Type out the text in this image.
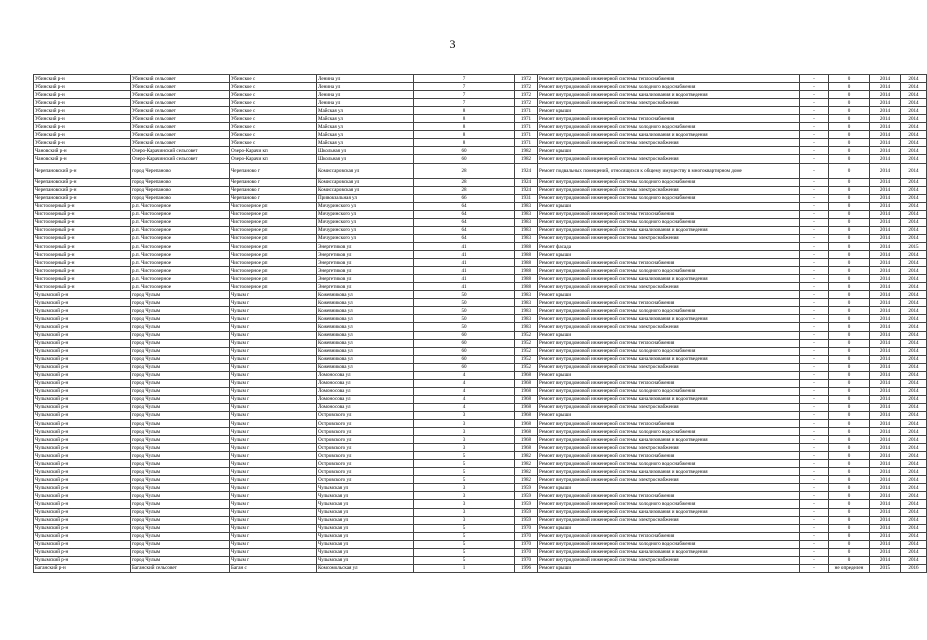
3
Убинский р-н	Убинский сельсовет	Убинское с	Ленина ул	7	1972	Ремонт внутридомовой инженерной системы теплоснабжения	-	0	2014	2014
Убинский р-н	Убинский сельсовет	Убинское с	Ленина ул	7	1972	Ремонт внутридомовой инженерной системы холодного водоснабжения	-	0	2014	2014
Убинский р-н	Убинский сельсовет	Убинское с	Ленина ул	7	1972	Ремонт внутридомовой инженерной системы канализования и водоотведения	-	0	2014	2014
Убинский р-н	Убинский сельсовет	Убинское с	Ленина ул	7	1972	Ремонт внутридомовой инженерной системы электроснабжения	-	0	2014	2014
Убинский р-н	Убинский сельсовет	Убинское с	Майская ул	8	1971	Ремонт крыши	-	0	2014	2014
Убинский р-н	Убинский сельсовет	Убинское с	Майская ул	8	1971	Ремонт внутридомовой инженерной системы теплоснабжения	-	0	2014	2014
Убинский р-н	Убинский сельсовет	Убинское с	Майская ул	8	1971	Ремонт внутридомовой инженерной системы холодного водоснабжения	-	0	2014	2014
Убинский р-н	Убинский сельсовет	Убинское с	Майская ул	8	1971	Ремонт внутридомовой инженерной системы канализования и водоотведения	-	0	2014	2014
Убинский р-н	Убинский сельсовет	Убинское с	Майская ул	8	1971	Ремонт внутридомовой инженерной системы электроснабжения	-	0	2014	2014
Чановский р-н	Озеро-Карачинский сельсовет	Озеро-Карачи кп	Школьная ул	60	1982	Ремонт крыши	-	0	2014	2014
Чановский р-н	Озеро-Карачинский сельсовет	Озеро-Карачи кп	Школьная ул	60	1982	Ремонт внутридомовой инженерной системы электроснабжения	-	0	2014	2014
Черепановский р-н	город Черепаново	Черепаново г	Комиссаровская ул	28	1924	Ремонт подвальных помещений, относящихся к общему имуществу в многоквартирном доме	-	0	2014	2014
Черепановский р-н	город Черепаново	Черепаново г	Комиссаровская ул	28	1924	Ремонт внутридомовой инженерной системы холодного водоснабжения	-	0	2014	2014
Черепановский р-н	город Черепаново	Черепаново г	Комиссаровская ул	28	1924	Ремонт внутридомовой инженерной системы электроснабжения	-	0	2014	2014
Черепановский р-н	город Черепаново	Черепаново г	Привокзальная ул	66	1931	Ремонт внутридомовой инженерной системы холодного водоснабжения	-	0	2014	2014
Чистоозерный р-н	р.п. Чистоозерное	Чистоозерное рп	Мичуринского ул	64	1983	Ремонт крыши	-	0	2014	2014
Чистоозерный р-н	р.п. Чистоозерное	Чистоозерное рп	Мичуринского ул	64	1983	Ремонт внутридомовой инженерной системы теплоснабжения	-	0	2014	2014
Чистоозерный р-н	р.п. Чистоозерное	Чистоозерное рп	Мичуринского ул	64	1983	Ремонт внутридомовой инженерной системы холодного водоснабжения	-	0	2014	2014
Чистоозерный р-н	р.п. Чистоозерное	Чистоозерное рп	Мичуринского ул	64	1983	Ремонт внутридомовой инженерной системы канализования и водоотведения	-	0	2014	2014
Чистоозерный р-н	р.п. Чистоозерное	Чистоозерное рп	Мичуринского ул	64	1983	Ремонт внутридомовой инженерной системы электроснабжения	-	0	2014	2014
Чистоозерный р-н	р.п. Чистоозерное	Чистоозерное рп	Энергетиков ул	41	1988	Ремонт фасада	-	0	2014	2015
Чистоозерный р-н	р.п. Чистоозерное	Чистоозерное рп	Энергетиков ул	41	1988	Ремонт крыши	-	0	2014	2014
Чистоозерный р-н	р.п. Чистоозерное	Чистоозерное рп	Энергетиков ул	41	1988	Ремонт внутридомовой инженерной системы теплоснабжения	-	0	2014	2014
Чистоозерный р-н	р.п. Чистоозерное	Чистоозерное рп	Энергетиков ул	41	1988	Ремонт внутридомовой инженерной системы холодного водоснабжения	-	0	2014	2014
Чистоозерный р-н	р.п. Чистоозерное	Чистоозерное рп	Энергетиков ул	41	1988	Ремонт внутридомовой инженерной системы канализования и водоотведения	-	0	2014	2014
Чистоозерный р-н	р.п. Чистоозерное	Чистоозерное рп	Энергетиков ул	41	1988	Ремонт внутридомовой инженерной системы электроснабжения	-	0	2014	2014
Чулымский р-н	город Чулым	Чулым г	Кожевникова ул	50	1983	Ремонт крыши	-	0	2014	2014
Чулымский р-н	город Чулым	Чулым г	Кожевникова ул	50	1983	Ремонт внутридомовой инженерной системы теплоснабжения	-	0	2014	2014
Чулымский р-н	город Чулым	Чулым г	Кожевникова ул	50	1983	Ремонт внутридомовой инженерной системы холодного водоснабжения	-	0	2014	2014
Чулымский р-н	город Чулым	Чулым г	Кожевникова ул	50	1983	Ремонт внутридомовой инженерной системы канализования и водоотведения	-	0	2014	2014
Чулымский р-н	город Чулым	Чулым г	Кожевникова ул	50	1983	Ремонт внутридомовой инженерной системы электроснабжения	-	0	2014	2014
Чулымский р-н	город Чулым	Чулым г	Кожевникова ул	60	1952	Ремонт крыши	-	0	2014	2014
Чулымский р-н	город Чулым	Чулым г	Кожевникова ул	60	1952	Ремонт внутридомовой инженерной системы теплоснабжения	-	0	2014	2014
Чулымский р-н	город Чулым	Чулым г	Кожевникова ул	60	1952	Ремонт внутридомовой инженерной системы холодного водоснабжения	-	0	2014	2014
Чулымский р-н	город Чулым	Чулым г	Кожевникова ул	60	1952	Ремонт внутридомовой инженерной системы канализования и водоотведения	-	0	2014	2014
Чулымский р-н	город Чулым	Чулым г	Кожевникова ул	60	1952	Ремонт внутридомовой инженерной системы электроснабжения	-	0	2014	2014
Чулымский р-н	город Чулым	Чулым г	Ломоносова ул	4	1968	Ремонт крыши	-	0	2014	2014
Чулымский р-н	город Чулым	Чулым г	Ломоносова ул	4	1968	Ремонт внутридомовой инженерной системы теплоснабжения	-	0	2014	2014
Чулымский р-н	город Чулым	Чулым г	Ломоносова ул	4	1968	Ремонт внутридомовой инженерной системы холодного водоснабжения	-	0	2014	2014
Чулымский р-н	город Чулым	Чулым г	Ломоносова ул	4	1968	Ремонт внутридомовой инженерной системы канализования и водоотведения	-	0	2014	2014
Чулымский р-н	город Чулым	Чулым г	Ломоносова ул	4	1968	Ремонт внутридомовой инженерной системы электроснабжения	-	0	2014	2014
Чулымский р-н	город Чулым	Чулым г	Островского ул	3	1968	Ремонт крыши	-	0	2014	2014
Чулымский р-н	город Чулым	Чулым г	Островского ул	3	1968	Ремонт внутридомовой инженерной системы теплоснабжения	-	0	2014	2014
Чулымский р-н	город Чулым	Чулым г	Островского ул	3	1968	Ремонт внутридомовой инженерной системы холодного водоснабжения	-	0	2014	2014
Чулымский р-н	город Чулым	Чулым г	Островского ул	3	1968	Ремонт внутридомовой инженерной системы канализования и водоотведения	-	0	2014	2014
Чулымский р-н	город Чулым	Чулым г	Островского ул	3	1968	Ремонт внутридомовой инженерной системы электроснабжения	-	0	2014	2014
Чулымский р-н	город Чулым	Чулым г	Островского ул	5	1982	Ремонт внутридомовой инженерной системы теплоснабжения	-	0	2014	2014
Чулымский р-н	город Чулым	Чулым г	Островского ул	5	1982	Ремонт внутридомовой инженерной системы холодного водоснабжения	-	0	2014	2014
Чулымский р-н	город Чулым	Чулым г	Островского ул	5	1982	Ремонт внутридомовой инженерной системы канализования и водоотведения	-	0	2014	2014
Чулымский р-н	город Чулым	Чулым г	Островского ул	5	1982	Ремонт внутридомовой инженерной системы электроснабжения	-	0	2014	2014
Чулымский р-н	город Чулым	Чулым г	Чулымская ул	3	1959	Ремонт крыши	-	0	2014	2014
Чулымский р-н	город Чулым	Чулым г	Чулымская ул	3	1959	Ремонт внутридомовой инженерной системы теплоснабжения	-	0	2014	2014
Чулымский р-н	город Чулым	Чулым г	Чулымская ул	3	1959	Ремонт внутридомовой инженерной системы холодного водоснабжения	-	0	2014	2014
Чулымский р-н	город Чулым	Чулым г	Чулымская ул	3	1959	Ремонт внутридомовой инженерной системы канализования и водоотведения	-	0	2014	2014
Чулымский р-н	город Чулым	Чулым г	Чулымская ул	3	1959	Ремонт внутридомовой инженерной системы электроснабжения	-	0	2014	2014
Чулымский р-н	город Чулым	Чулым г	Чулымская ул	5	1970	Ремонт крыши	-	0	2014	2014
Чулымский р-н	город Чулым	Чулым г	Чулымская ул	5	1970	Ремонт внутридомовой инженерной системы теплоснабжения	-	0	2014	2014
Чулымский р-н	город Чулым	Чулым г	Чулымская ул	5	1970	Ремонт внутридомовой инженерной системы холодного водоснабжения	-	0	2014	2014
Чулымский р-н	город Чулым	Чулым г	Чулымская ул	5	1970	Ремонт внутридомовой инженерной системы канализования и водоотведения	-	0	2014	2014
Чулымский р-н	город Чулым	Чулым г	Чулымская ул	5	1970	Ремонт внутридомовой инженерной системы электроснабжения	-	0	2014	2014
Баганский р-н	Баганский сельсовет	Баган с	Комсомольская ул	1	1996	Ремонт крыши	-	не определен	2015	2016
